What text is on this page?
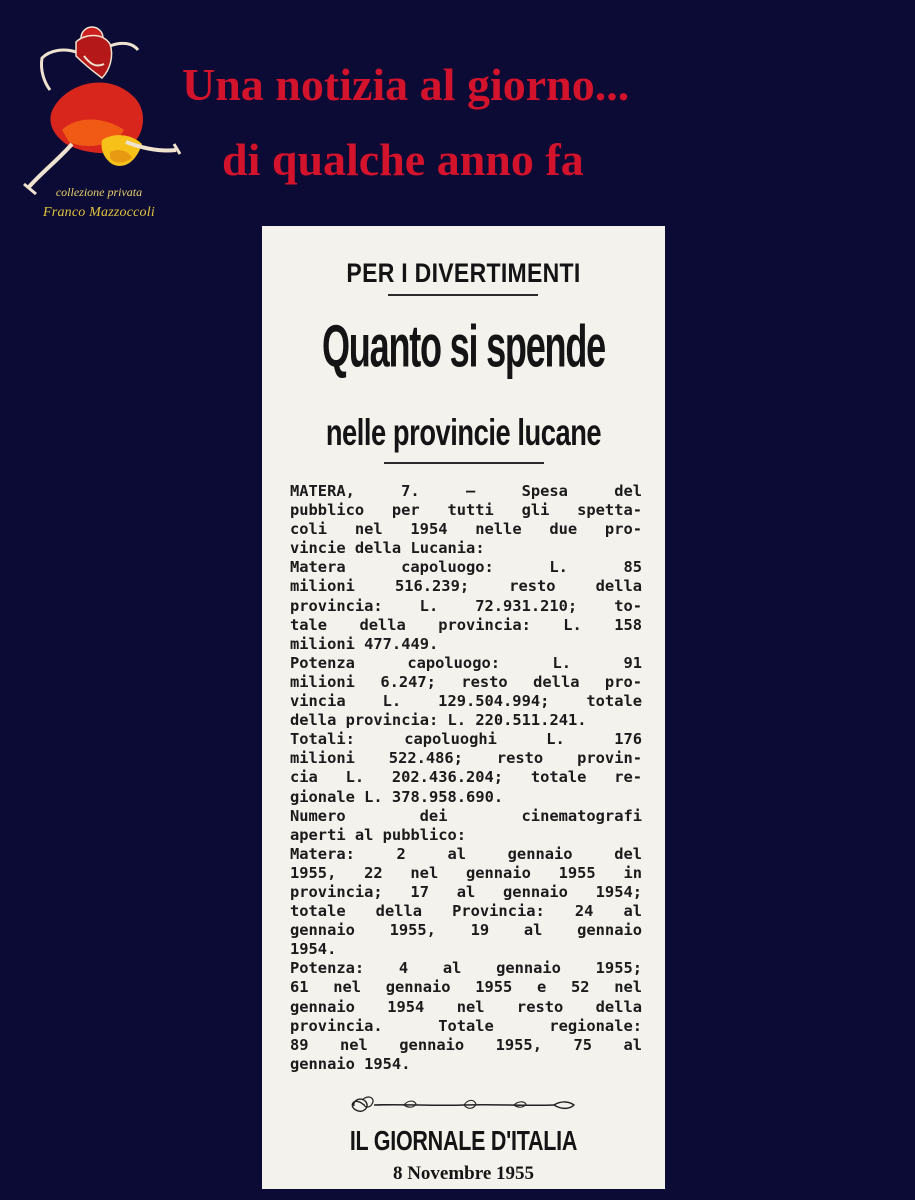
collezione privata
Franco Mazzoccoli
Una notizia al giorno...
di qualche anno fa
PER I DIVERTIMENTI
Quanto si spende
nelle provincie lucane
MATERA, 7. — Spesa del
pubblico per tutti gli spetta-
coli nel 1954 nelle due pro-
vincie della Lucania:
Matera capoluogo: L. 85
milioni 516.239; resto della
provincia: L. 72.931.210; to-
tale della provincia: L. 158
milioni 477.449.
Potenza capoluogo: L. 91
milioni 6.247; resto della pro-
vincia L. 129.504.994; totale
della provincia: L. 220.511.241.
Totali: capoluoghi L. 176
milioni 522.486; resto provin-
cia L. 202.436.204; totale re-
gionale L. 378.958.690.
Numero dei cinematografi
aperti al pubblico:
Matera: 2 al gennaio del
1955, 22 nel gennaio 1955 in
provincia; 17 al gennaio 1954;
totale della Provincia: 24 al
gennaio 1955, 19 al gennaio
1954.
Potenza: 4 al gennaio 1955;
61 nel gennaio 1955 e 52 nel
gennaio 1954 nel resto della
provincia. Totale regionale:
89 nel gennaio 1955, 75 al
gennaio 1954.
IL GIORNALE D'ITALIA
8 Novembre 1955
